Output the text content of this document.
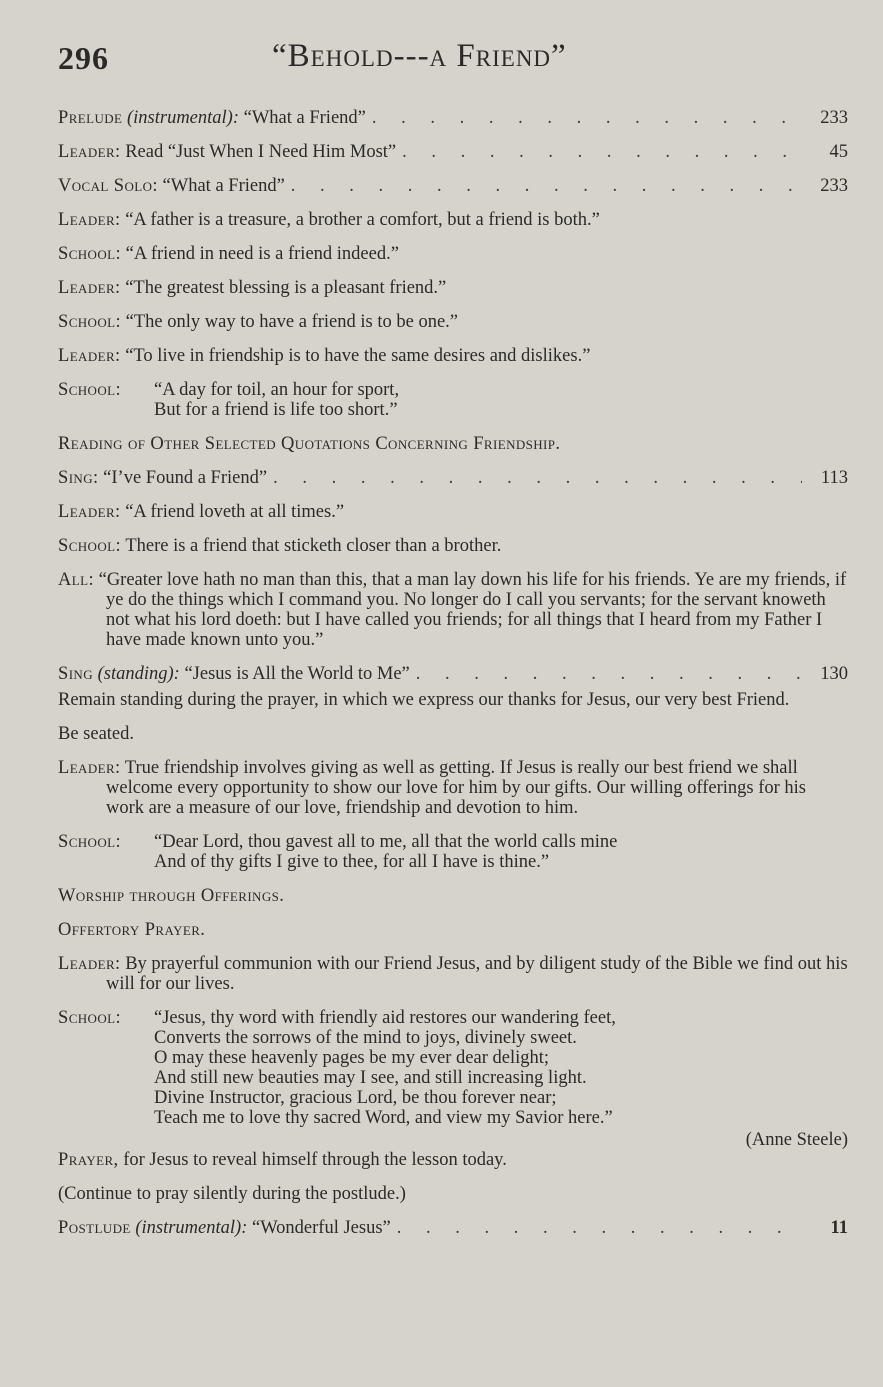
296	“Behold---a Friend”
Prelude (instrumental): “What a Friend” . . .	233
Leader: Read “Just When I Need Him Most” . . .	45
Vocal Solo: “What a Friend” . . .	233
Leader: “A father is a treasure, a brother a comfort, but a friend is both.”
School: “A friend in need is a friend indeed.”
Leader: “The greatest blessing is a pleasant friend.”
School: “The only way to have a friend is to be one.”
Leader: “To live in friendship is to have the same desires and dislikes.”
School:	“A day for toil, an hour for sport,
But for a friend is life too short.”
Reading of Other Selected Quotations Concerning Friendship.
Sing: “I’ve Found a Friend” . . .	113
Leader: “A friend loveth at all times.”
School: There is a friend that sticketh closer than a brother.
All: “Greater love hath no man than this, that a man lay down his life for his friends. Ye are my friends, if ye do the things which I command you. No longer do I call you servants; for the servant knoweth not what his lord doeth: but I have called you friends; for all things that I heard from my Father I have made known unto you.”
Sing (standing): “Jesus is All the World to Me” . . .	130
Remain standing during the prayer, in which we express our thanks for Jesus, our very best Friend.
Be seated.
Leader: True friendship involves giving as well as getting. If Jesus is really our best friend we shall welcome every opportunity to show our love for him by our gifts. Our willing offerings for his work are a measure of our love, friendship and devotion to him.
School:	“Dear Lord, thou gavest all to me, all that the world calls mine
And of thy gifts I give to thee, for all I have is thine.”
Worship through Offerings.
Offertory Prayer.
Leader: By prayerful communion with our Friend Jesus, and by diligent study of the Bible we find out his will for our lives.
School:	“Jesus, thy word with friendly aid restores our wandering feet,
Converts the sorrows of the mind to joys, divinely sweet.
O may these heavenly pages be my ever dear delight;
And still new beauties may I see, and still increasing light.
Divine Instructor, gracious Lord, be thou forever near;
Teach me to love thy sacred Word, and view my Savior here.”
(Anne Steele)
Prayer, for Jesus to reveal himself through the lesson today.
(Continue to pray silently during the postlude.)
Postlude (instrumental): “Wonderful Jesus” . . .	11
